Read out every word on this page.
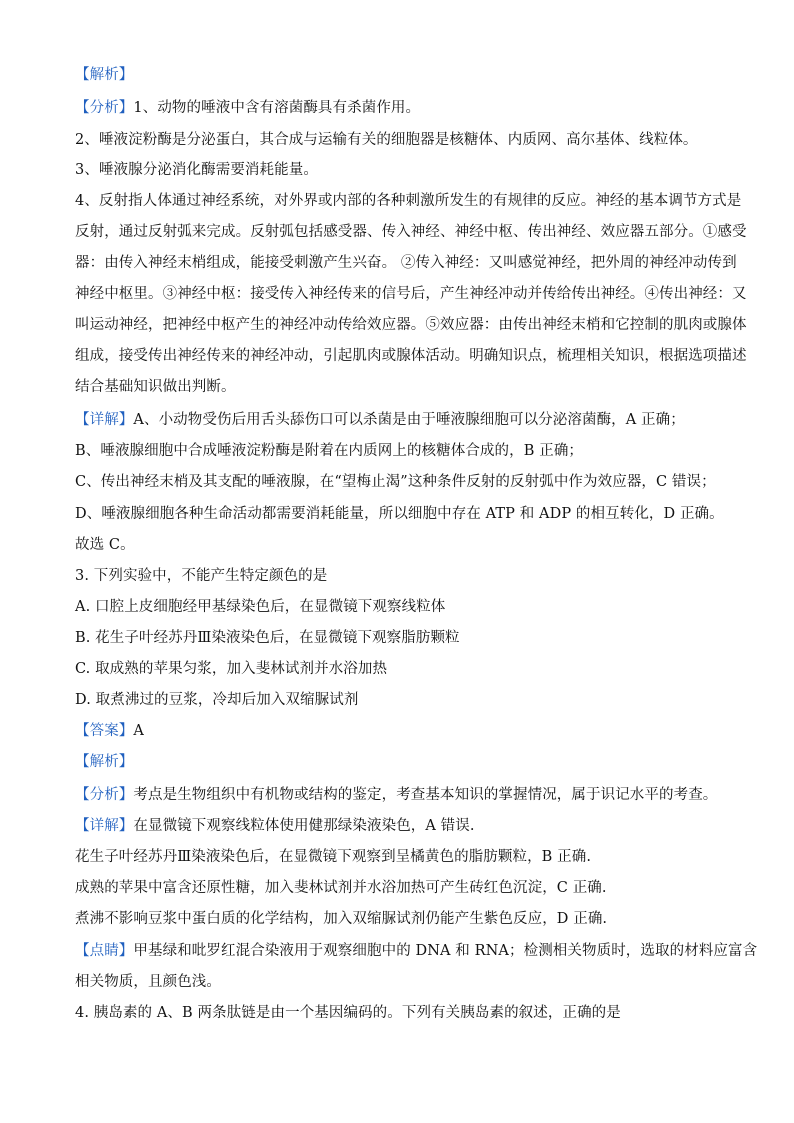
【解析】
【分析】1、动物的唾液中含有溶菌酶具有杀菌作用。
2、唾液淀粉酶是分泌蛋白，其合成与运输有关的细胞器是核糖体、内质网、高尔基体、线粒体。
3、唾液腺分泌消化酶需要消耗能量。
4、反射指人体通过神经系统，对外界或内部的各种刺激所发生的有规律的反应。神经的基本调节方式是
反射，通过反射弧来完成。反射弧包括感受器、传入神经、神经中枢、传出神经、效应器五部分。①感受
器：由传入神经末梢组成，能接受刺激产生兴奋。 ②传入神经：又叫感觉神经，把外周的神经冲动传到
神经中枢里。③神经中枢：接受传入神经传来的信号后，产生神经冲动并传给传出神经。④传出神经：又
叫运动神经，把神经中枢产生的神经冲动传给效应器。⑤效应器：由传出神经末梢和它控制的肌肉或腺体
组成，接受传出神经传来的神经冲动，引起肌肉或腺体活动。明确知识点，梳理相关知识，根据选项描述
结合基础知识做出判断。
【详解】A、小动物受伤后用舌头舔伤口可以杀菌是由于唾液腺细胞可以分泌溶菌酶，A 正确；
B、唾液腺细胞中合成唾液淀粉酶是附着在内质网上的核糖体合成的，B 正确；
C、传出神经末梢及其支配的唾液腺，在“望梅止渴”这种条件反射的反射弧中作为效应器，C 错误；
D、唾液腺细胞各种生命活动都需要消耗能量，所以细胞中存在 ATP 和 ADP 的相互转化，D 正确。
故选 C。
3. 下列实验中，不能产生特定颜色的是
A. 口腔上皮细胞经甲基绿染色后，在显微镜下观察线粒体
B. 花生子叶经苏丹Ⅲ染液染色后，在显微镜下观察脂肪颗粒
C. 取成熟的苹果匀浆，加入斐林试剂并水浴加热
D. 取煮沸过的豆浆，冷却后加入双缩脲试剂
【答案】A
【解析】
【分析】考点是生物组织中有机物或结构的鉴定，考查基本知识的掌握情况，属于识记水平的考查。
【详解】在显微镜下观察线粒体使用健那绿染液染色，A 错误.
花生子叶经苏丹Ⅲ染液染色后，在显微镜下观察到呈橘黄色的脂肪颗粒，B 正确.
成熟的苹果中富含还原性糖，加入斐林试剂并水浴加热可产生砖红色沉淀，C 正确.
煮沸不影响豆浆中蛋白质的化学结构，加入双缩脲试剂仍能产生紫色反应，D 正确.
【点睛】甲基绿和吡罗红混合染液用于观察细胞中的 DNA 和 RNA；检测相关物质时，选取的材料应富含
相关物质，且颜色浅。
4. 胰岛素的 A、B 两条肽链是由一个基因编码的。下列有关胰岛素的叙述，正确的是
